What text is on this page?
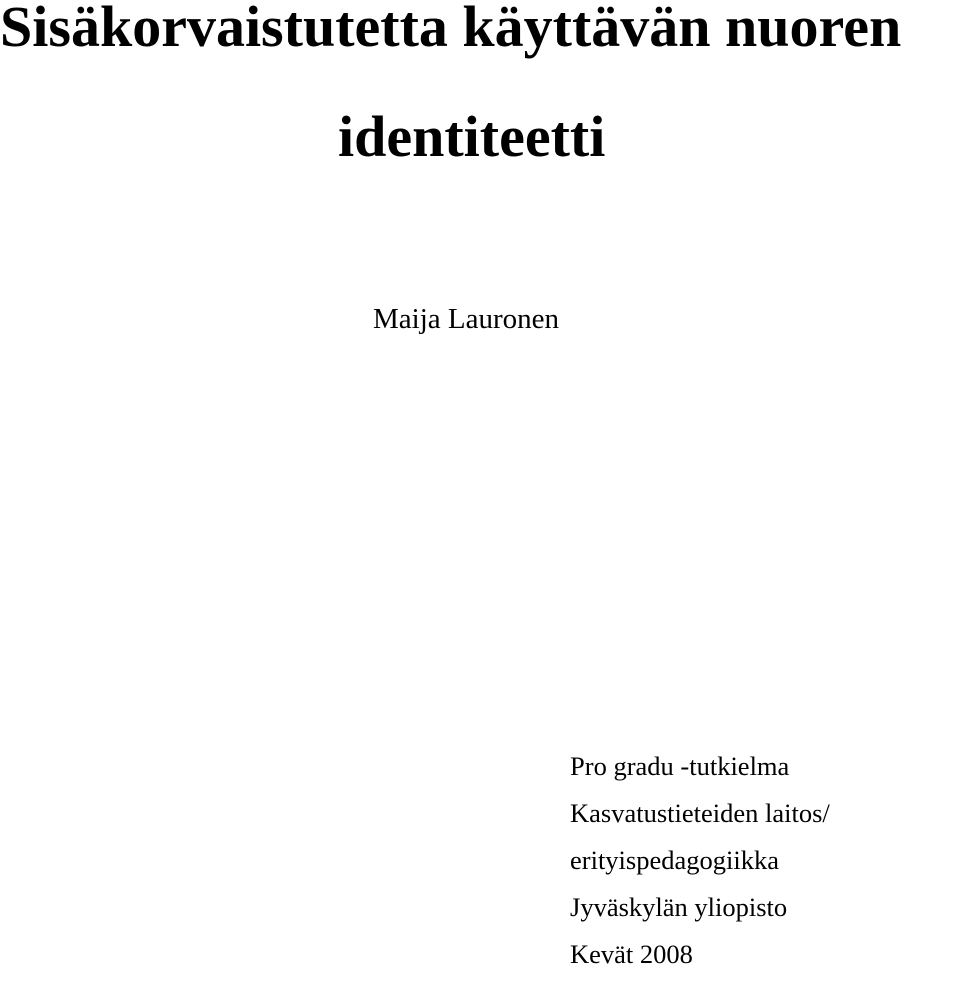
Sisäkorvaistutetta käyttävän nuoren
identiteetti

Maija Lauronen

Pro gradu -tutkielma
Kasvatustieteiden laitos/
erityispedagogiikka
Jyväskylän yliopisto
Kevät 2008
